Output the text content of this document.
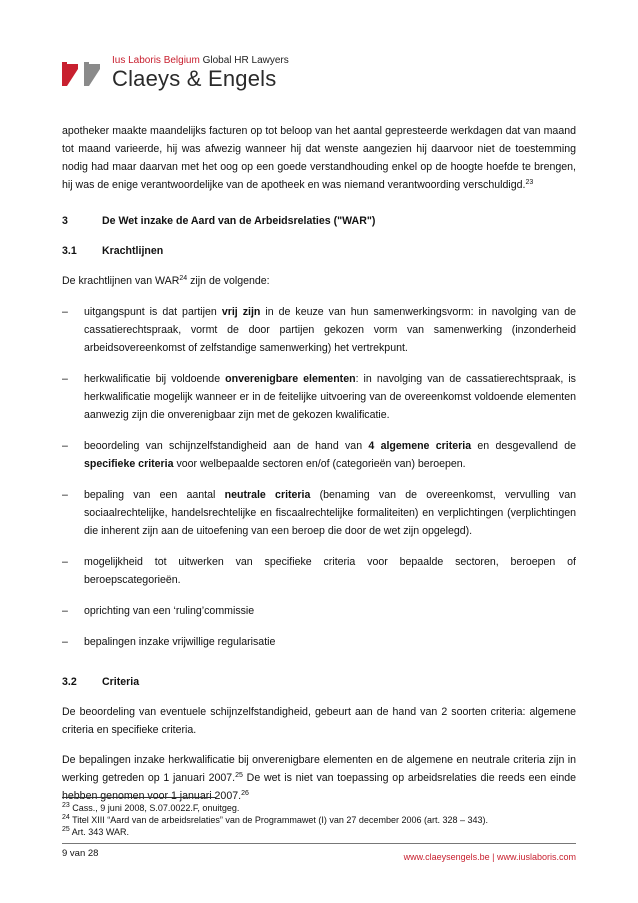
Ius Laboris Belgium Global HR Lawyers
Claeys & Engels

apotheker maakte maandelijks facturen op tot beloop van het aantal gepresteerde werkdagen dat van maand tot maand varieerde, hij was afwezig wanneer hij dat wenste aangezien hij daarvoor niet de toestemming nodig had maar daarvan met het oog op een goede verstandhouding enkel op de hoogte hoefde te brengen, hij was de enige verantwoordelijke van de apotheek en was niemand verantwoording verschuldigd.$^{23}$

3	De Wet inzake de Aard van de Arbeidsrelaties ("WAR")

3.1	Krachtlijnen

De krachtlijnen van WAR$^{24}$ zijn de volgende:

– uitgangspunt is dat partijen vrij zijn in de keuze van hun samenwerkingsvorm: in navolging van de cassatierechtspraak, vormt de door partijen gekozen vorm van samenwerking (inzonderheid arbeidsovereenkomst of zelfstandige samenwerking) het vertrekpunt.
– herkwalificatie bij voldoende onverenigbare elementen: in navolging van de cassatierechtspraak, is herkwalificatie mogelijk wanneer er in de feitelijke uitvoering van de overeenkomst voldoende elementen aanwezig zijn die onverenigbaar zijn met de gekozen kwalificatie.
– beoordeling van schijnzelfstandigheid aan de hand van 4 algemene criteria en desgevallend de specifieke criteria voor welbepaalde sectoren en/of (categorieën van) beroepen.
– bepaling van een aantal neutrale criteria (benaming van de overeenkomst, vervulling van sociaalrechtelijke, handelsrechtelijke en fiscaalrechtelijke formaliteiten) en verplichtingen (verplichtingen die inherent zijn aan de uitoefening van een beroep die door de wet zijn opgelegd).
– mogelijkheid tot uitwerken van specifieke criteria voor bepaalde sectoren, beroepen of beroepscategorieën.
– oprichting van een ‘ruling’commissie
– bepalingen inzake vrijwillige regularisatie

3.2	Criteria

De beoordeling van eventuele schijnzelfstandigheid, gebeurt aan de hand van 2 soorten criteria: algemene criteria en specifieke criteria.

De bepalingen inzake herkwalificatie bij onverenigbare elementen en de algemene en neutrale criteria zijn in werking getreden op 1 januari 2007.25 De wet is niet van toepassing op arbeidsrelaties die reeds een einde hebben genomen voor 1 januari 2007.26

$^{23}$ Cass., 9 juni 2008, S.07.0022.F, onuitgeg.

$^{24}$ Titel XIII “Aard van de arbeidsrelaties” van de Programmawet (I) van 27 december 2006 (art. 328 – 343).

$^{25}$ Art. 343 WAR.

9 van 28	www.claeysengels.be | www.iuslaboris.com
